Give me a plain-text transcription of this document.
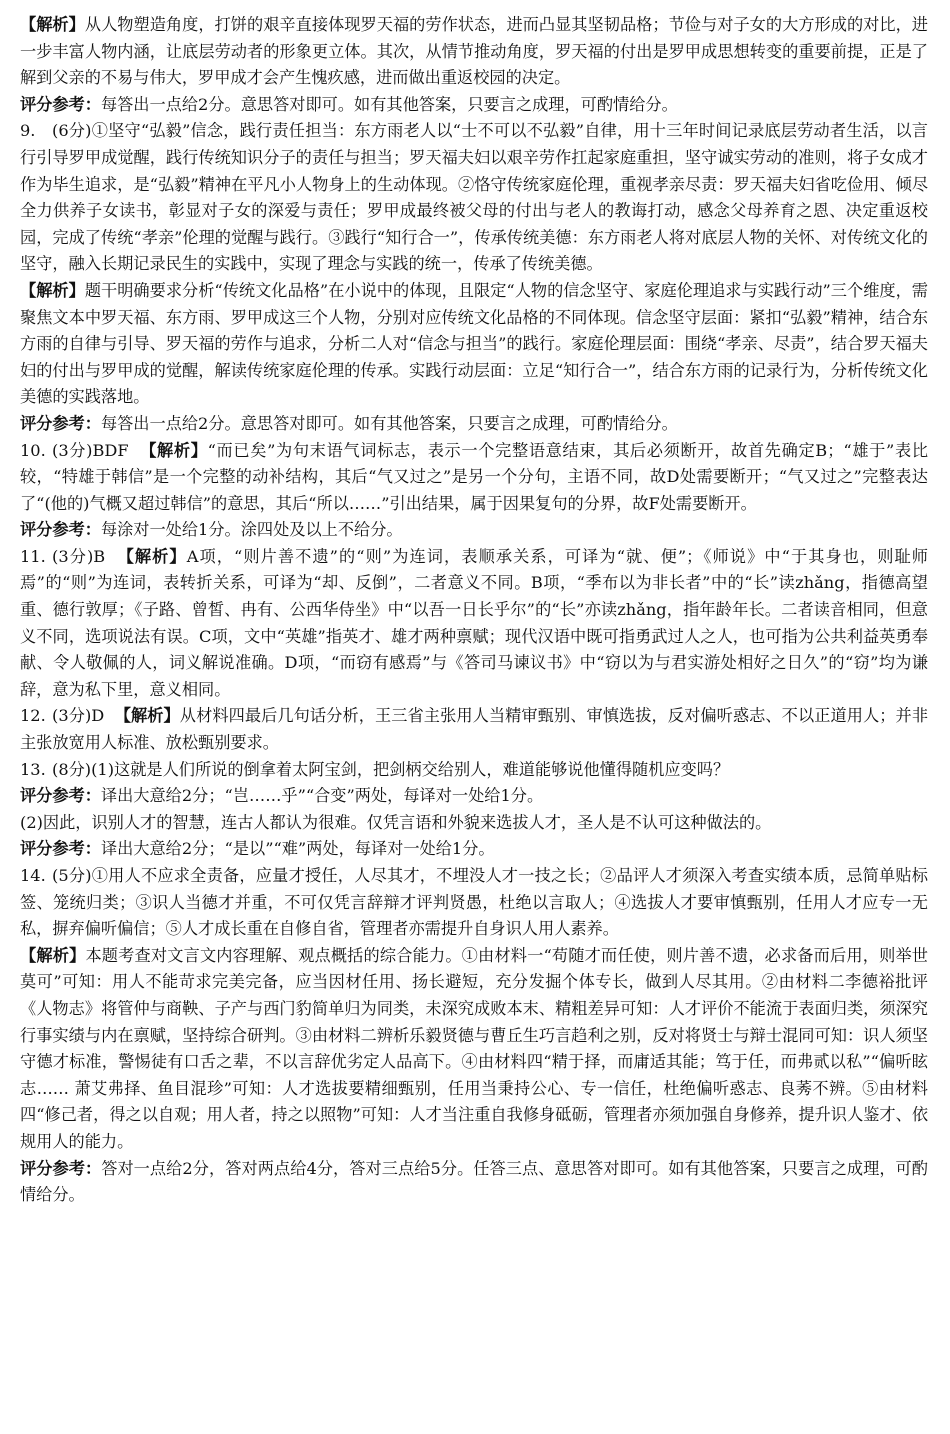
【解析】从人物塑造角度，打饼的艰辛直接体现罗天福的劳作状态，进而凸显其坚韧品格；节俭与对子女的大方形成的对比，进一步丰富人物内涵，让底层劳动者的形象更立体。其次，从情节推动角度，罗天福的付出是罗甲成思想转变的重要前提，正是了解到父亲的不易与伟大，罗甲成才会产生愧疚感，进而做出重返校园的决定。

评分参考：每答出一点给2分。意思答对即可。如有其他答案，只要言之成理，可酌情给分。

9. (6分)①坚守“弘毅”信念，践行责任担当：东方雨老人以“士不可以不弘毅”自律，用十三年时间记录底层劳动者生活，以言行引导罗甲成觉醒，践行传统知识分子的责任与担当；罗天福夫妇以艰辛劳作扛起家庭重担，坚守诚实劳动的准则，将子女成才作为毕生追求，是“弘毅”精神在平凡小人物身上的生动体现。②恪守传统家庭伦理，重视孝亲尽责：罗天福夫妇省吃俭用、倾尽全力供养子女读书，彰显对子女的深爱与责任；罗甲成最终被父母的付出与老人的教诲打动，感念父母养育之恩、决定重返校园，完成了传统“孝亲”伦理的觉醒与践行。③践行“知行合一”，传承传统美德：东方雨老人将对底层人物的关怀、对传统文化的坚守，融入长期记录民生的实践中，实现了理念与实践的统一，传承了传统美德。

【解析】题干明确要求分析“传统文化品格”在小说中的体现，且限定“人物的信念坚守、家庭伦理追求与实践行动”三个维度，需聚焦文本中罗天福、东方雨、罗甲成这三个人物，分别对应传统文化品格的不同体现。信念坚守层面：紧扣“弘毅”精神，结合东方雨的自律与引导、罗天福的劳作与追求，分析二人对“信念与担当”的践行。家庭伦理层面：围绕“孝亲、尽责”，结合罗天福夫妇的付出与罗甲成的觉醒，解读传统家庭伦理的传承。实践行动层面：立足“知行合一”，结合东方雨的记录行为，分析传统文化美德的实践落地。

评分参考：每答出一点给2分。意思答对即可。如有其他答案，只要言之成理，可酌情给分。

10. (3分)BDF 【解析】“而已矣”为句末语气词标志，表示一个完整语意结束，其后必须断开，故首先确定B；“雄于”表比较，“特雄于韩信”是一个完整的动补结构，其后“气又过之”是另一个分句，主语不同，故D处需要断开；“气又过之”完整表达了“(他的)气概又超过韩信”的意思，其后“所以……”引出结果，属于因果复句的分界，故F处需要断开。

评分参考：每涂对一处给1分。涂四处及以上不给分。

11. (3分)B 【解析】A项，“则片善不遗”的“则”为连词，表顺承关系，可译为“就、便”；《师说》中“于其身也，则耻师焉”的“则”为连词，表转折关系，可译为“却、反倒”，二者意义不同。B项，“季布以为非长者”中的“长”读zhǎng，指德高望重、德行敦厚；《子路、曾皙、冉有、公西华侍坐》中“以吾一日长乎尔”的“长”亦读zhǎng，指年龄年长。二者读音相同，但意义不同，选项说法有误。C项，文中“英雄”指英才、雄才两种禀赋；现代汉语中既可指勇武过人之人，也可指为公共利益英勇奉献、令人敬佩的人，词义解说准确。D项，“而窃有感焉”与《答司马谏议书》中“窃以为与君实游处相好之日久”的“窃”均为谦辞，意为私下里，意义相同。

12. (3分)D 【解析】从材料四最后几句话分析，王三省主张用人当精审甄别、审慎选拔，反对偏听惑志、不以正道用人；并非主张放宽用人标准、放松甄别要求。

13. (8分)(1)这就是人们所说的倒拿着太阿宝剑，把剑柄交给别人，难道能够说他懂得随机应变吗？

评分参考：译出大意给2分；“岂……乎”“合变”两处，每译对一处给1分。

(2)因此，识别人才的智慧，连古人都认为很难。仅凭言语和外貌来选拔人才，圣人是不认可这种做法的。

评分参考：译出大意给2分；“是以”“难”两处，每译对一处给1分。

14. (5分)①用人不应求全责备，应量才授任，人尽其才，不埋没人才一技之长；②品评人才须深入考查实绩本质，忌简单贴标签、笼统归类；③识人当德才并重，不可仅凭言辞辩才评判贤愚，杜绝以言取人；④选拔人才要审慎甄别，任用人才应专一无私，摒弃偏听偏信；⑤人才成长重在自修自省，管理者亦需提升自身识人用人素养。

【解析】本题考查对文言文内容理解、观点概括的综合能力。①由材料一“苟随才而任使，则片善不遗，必求备而后用，则举世莫可”可知：用人不能苛求完美完备，应当因材任用、扬长避短，充分发掘个体专长，做到人尽其用。②由材料二李德裕批评《人物志》将管仲与商鞅、子产与西门豹简单归为同类，未深究成败本末、精粗差异可知：人才评价不能流于表面归类，须深究行事实绩与内在禀赋，坚持综合研判。③由材料二辨析乐毅贤德与曹丘生巧言趋利之别，反对将贤士与辩士混同可知：识人须坚守德才标准，警惕徒有口舌之辈，不以言辞优劣定人品高下。④由材料四“精于择，而庸适其能；笃于任，而弗贰以私”“偏听眩志…… 萧艾弗择、鱼目混珍”可知：人才选拔要精细甄别，任用当秉持公心、专一信任，杜绝偏听惑志、良莠不辨。⑤由材料四“修己者，得之以自观；用人者，持之以照物”可知：人才当注重自我修身砥砺，管理者亦须加强自身修养，提升识人鉴才、依规用人的能力。

评分参考：答对一点给2分，答对两点给4分，答对三点给5分。任答三点、意思答对即可。如有其他答案，只要言之成理，可酌情给分。
